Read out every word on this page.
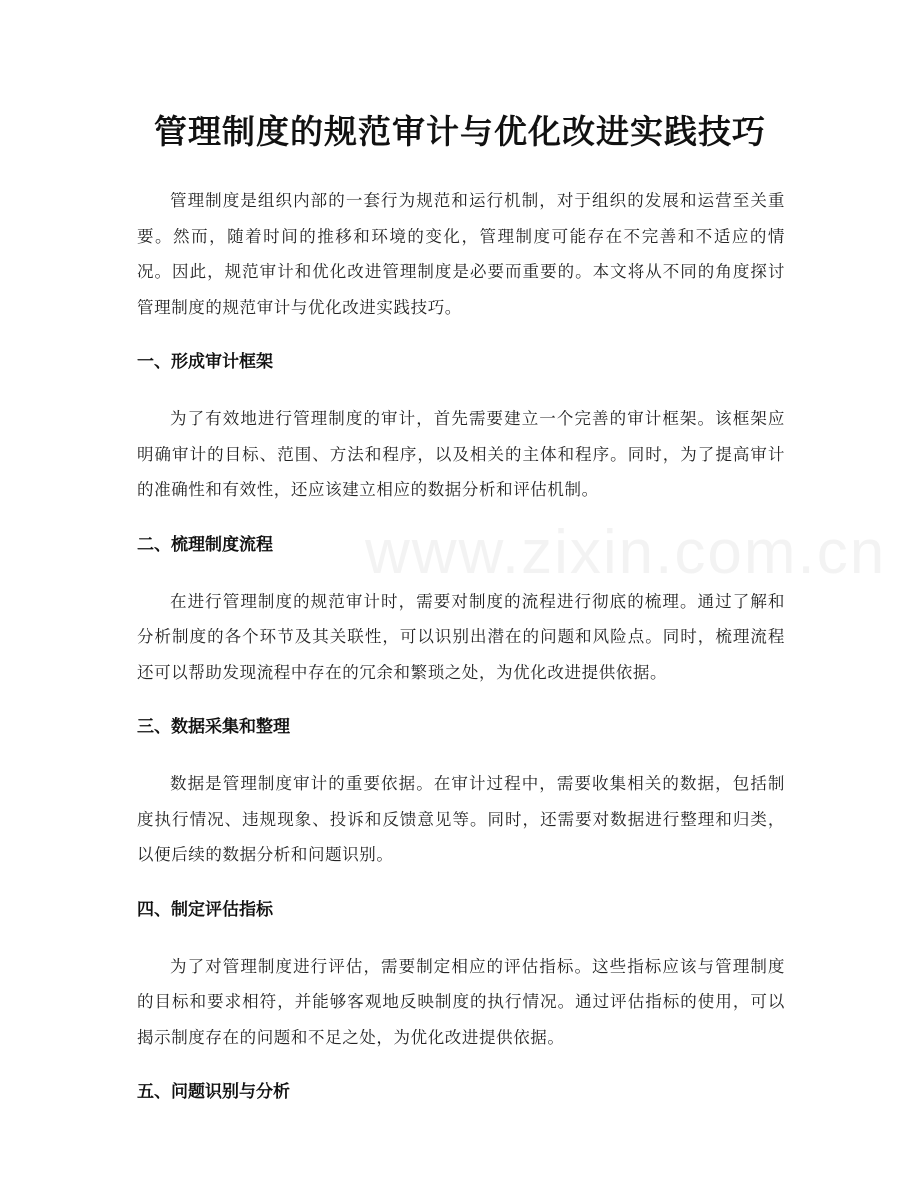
管理制度的规范审计与优化改进实践技巧
www.zixin.com.cn

管理制度是组织内部的一套行为规范和运行机制，对于组织的发展和运营至关重要。然而，随着时间的推移和环境的变化，管理制度可能存在不完善和不适应的情况。因此，规范审计和优化改进管理制度是必要而重要的。本文将从不同的角度探讨管理制度的规范审计与优化改进实践技巧。

一、形成审计框架

为了有效地进行管理制度的审计，首先需要建立一个完善的审计框架。该框架应明确审计的目标、范围、方法和程序，以及相关的主体和程序。同时，为了提高审计的准确性和有效性，还应该建立相应的数据分析和评估机制。

二、梳理制度流程

在进行管理制度的规范审计时，需要对制度的流程进行彻底的梳理。通过了解和分析制度的各个环节及其关联性，可以识别出潜在的问题和风险点。同时，梳理流程还可以帮助发现流程中存在的冗余和繁琐之处，为优化改进提供依据。

三、数据采集和整理

数据是管理制度审计的重要依据。在审计过程中，需要收集相关的数据，包括制度执行情况、违规现象、投诉和反馈意见等。同时，还需要对数据进行整理和归类，以便后续的数据分析和问题识别。

四、制定评估指标

为了对管理制度进行评估，需要制定相应的评估指标。这些指标应该与管理制度的目标和要求相符，并能够客观地反映制度的执行情况。通过评估指标的使用，可以揭示制度存在的问题和不足之处，为优化改进提供依据。

五、问题识别与分析
